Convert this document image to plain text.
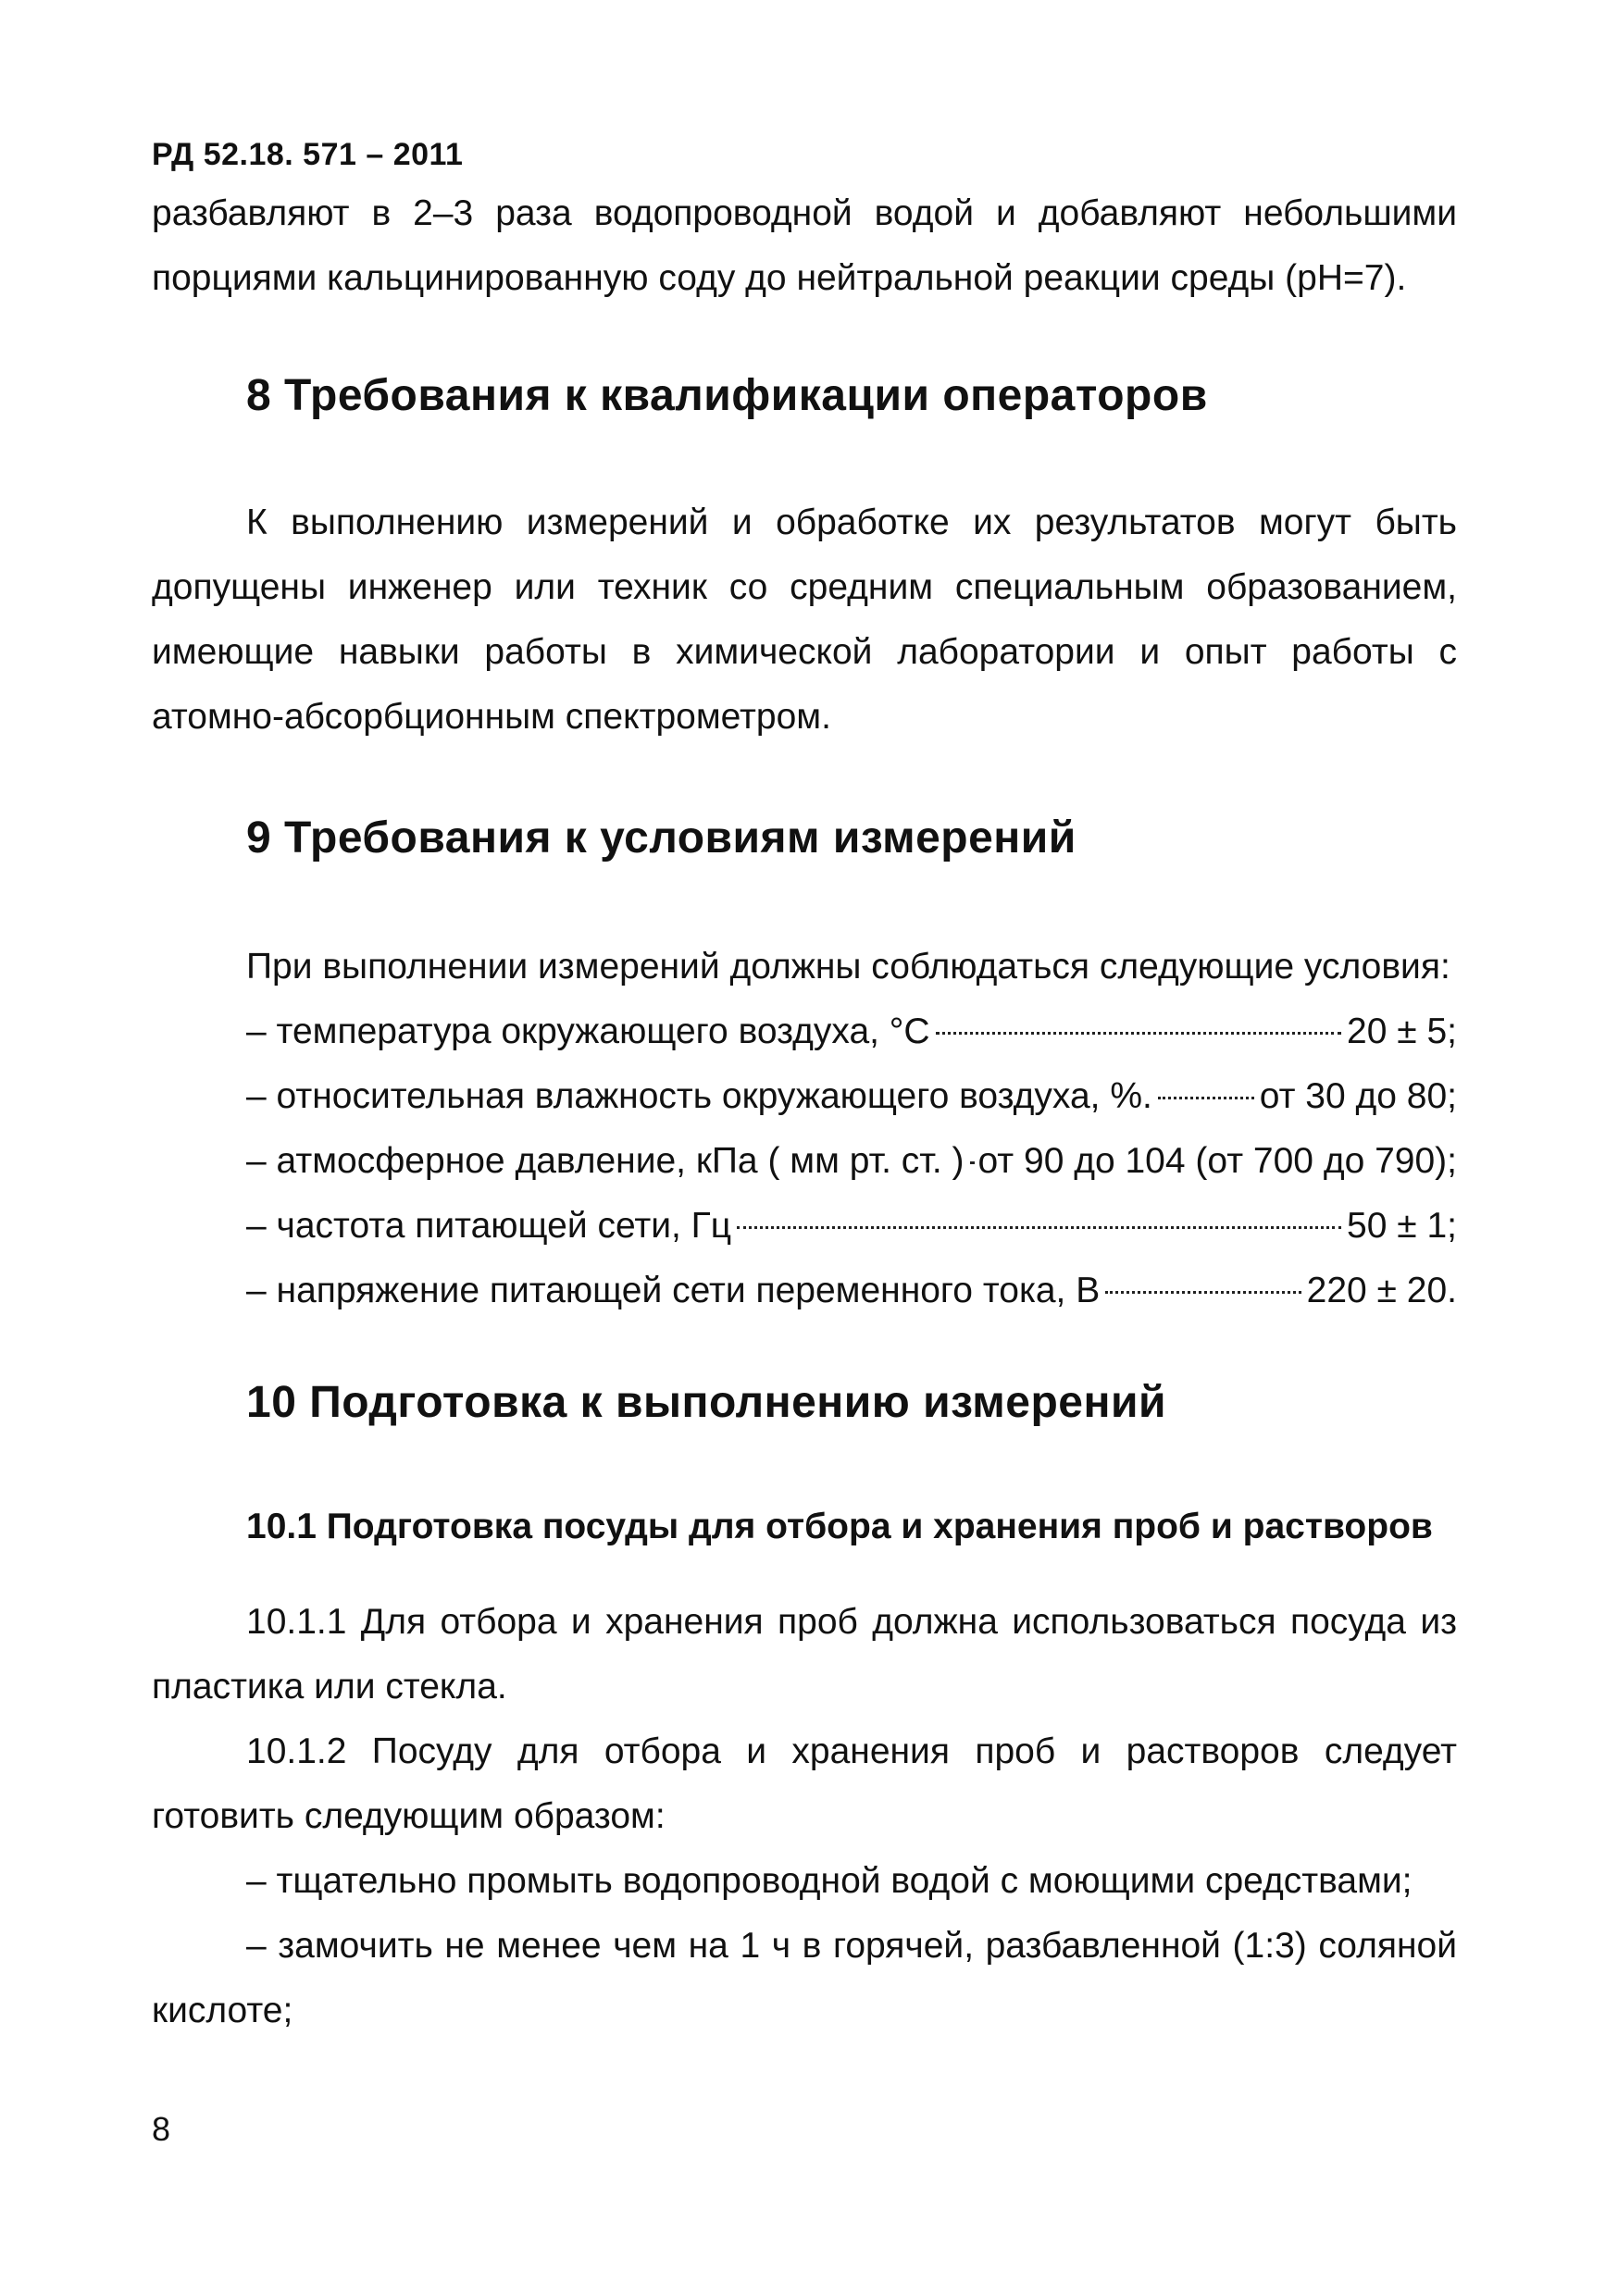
РД 52.18. 571 – 2011

разбавляют в 2–3 раза водопроводной водой и добавляют небольшими

порциями кальцинированную соду до нейтральной реакции среды (pH=7).

8 Требования к квалификации операторов

К выполнению измерений и обработке их результатов могут быть допущены инженер или техник со средним специальным образованием, имеющие навыки работы в химической лаборатории и опыт работы с атомно-абсорбционным спектрометром.

9 Требования к условиям измерений

При выполнении измерений должны соблюдаться следующие условия:

– температура окружающего воздуха, °С	20 ± 5;
– относительная влажность окружающего воздуха, %.	от 30 до 80;
– атмосферное давление, кПа ( мм рт. ст. ) от 90 до 104 (от 700 до 790);
– частота питающей сети, Гц	50 ± 1;
– напряжение питающей сети переменного тока, В	220 ± 20.
10 Подготовка к выполнению измерений
10.1 Подготовка посуды для отбора и хранения проб и растворов

10.1.1 Для отбора и хранения проб должна использоваться посуда из пластика или стекла.

10.1.2 Посуду для отбора и хранения проб и растворов следует готовить следующим образом:

– тщательно промыть водопроводной водой с моющими средствами;

– замочить не менее чем на 1 ч в горячей, разбавленной (1:3) соляной кислоте;

8
